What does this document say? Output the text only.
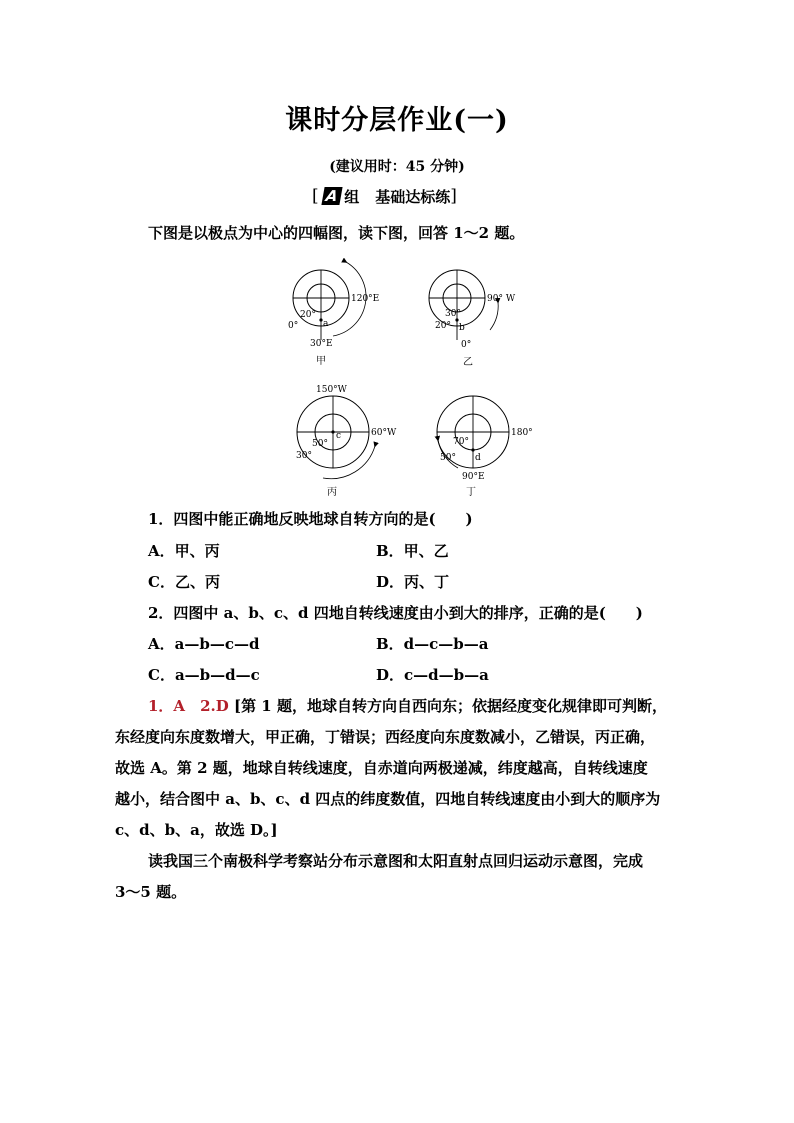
课时分层作业(一)
(建议用时：45 分钟)
[ A 组 基础达标练 ]
下图是以极点为中心的四幅图，读下图，回答 1～2 题。
120°E
20°
0°	a
30°E
甲
90° W
30°
20° b
0°
乙
150°W
60°W
50°
30°
c
丙
180°
70°
50° d
90°E
丁
1．四图中能正确地反映地球自转方向的是(　　)
A．甲、丙	B．甲、乙
C．乙、丙	D．丙、丁
2．四图中 a、b、c、d 四地自转线速度由小到大的排序，正确的是(　　)
A．a—b—c—d	B．d—c—b—a
C．a—b—d—c	D．c—d—b—a
1．A　2.D [第 1 题，地球自转方向自西向东；依据经度变化规律即可判断，
东经度向东度数增大，甲正确，丁错误；西经度向东度数减小，乙错误，丙正确，
故选 A。第 2 题，地球自转线速度，自赤道向两极递减，纬度越高，自转线速度
越小，结合图中 a、b、c、d 四点的纬度数值，四地自转线速度由小到大的顺序为
c、d、b、a，故选 D。]
读我国三个南极科学考察站分布示意图和太阳直射点回归运动示意图，完成
3～5 题。
